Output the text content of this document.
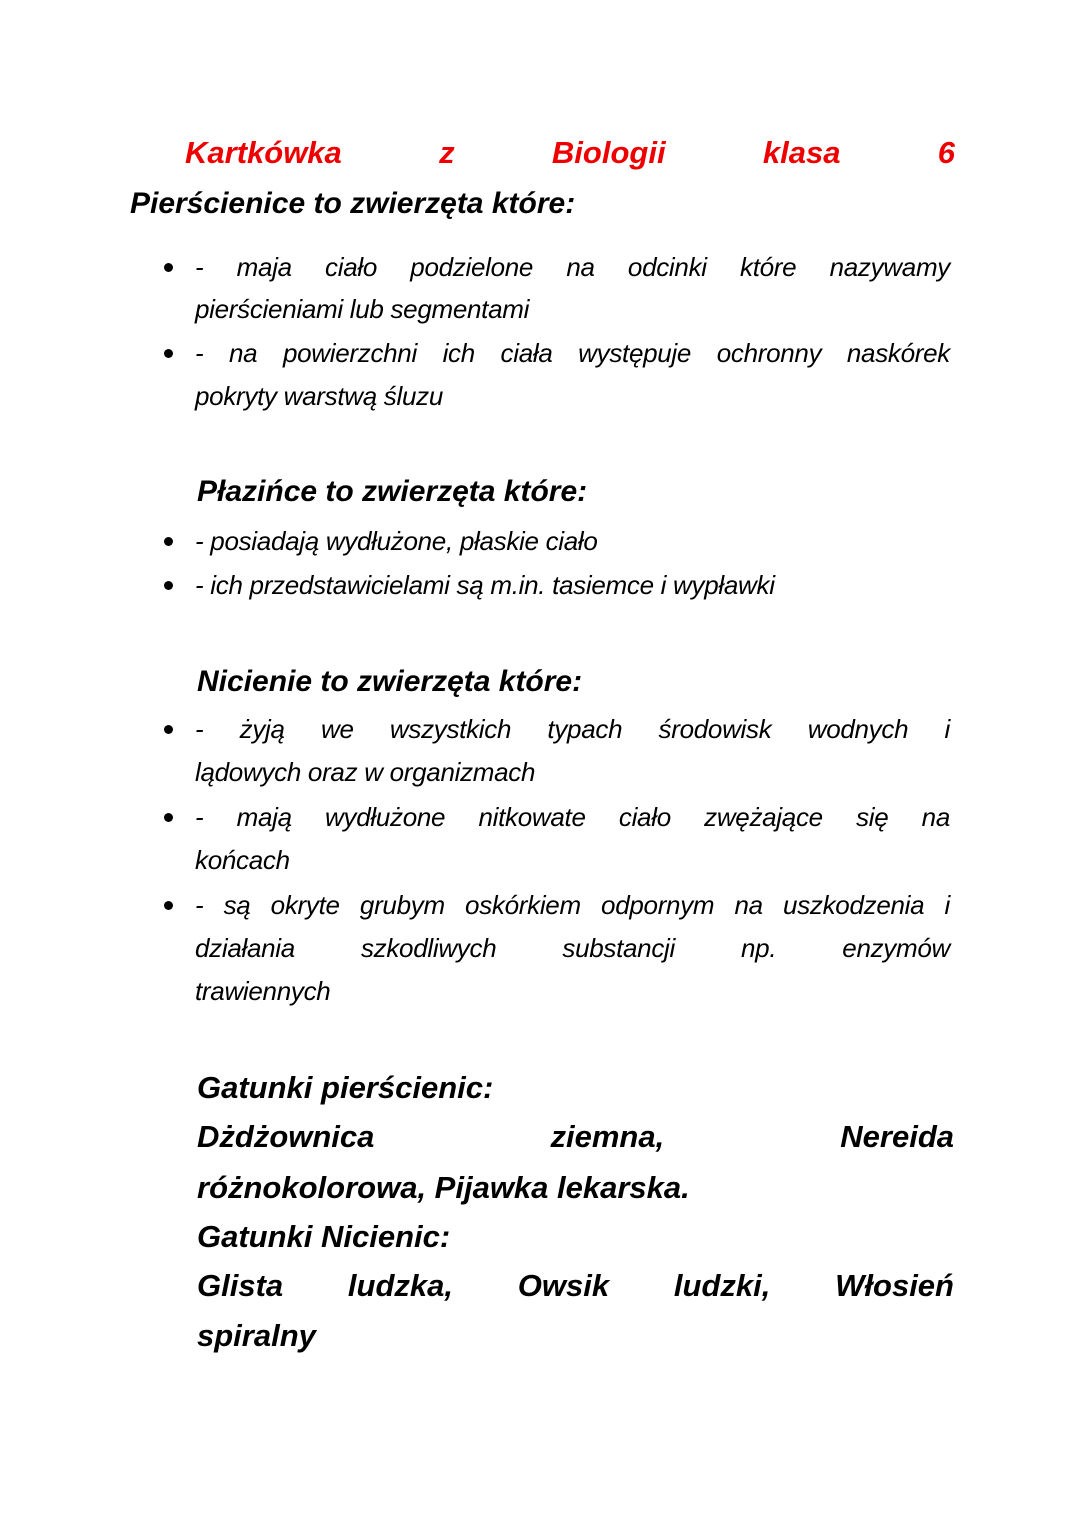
Kartkówka z Biologii klasa 6
Pierścienice to zwierzęta które:
- maja ciało podzielone na odcinki które nazywamy
pierścieniami lub segmentami
- na powierzchni ich ciała występuje ochronny naskórek
pokryty warstwą śluzu
Płazińce to zwierzęta które:
- posiadają wydłużone, płaskie ciało
- ich przedstawicielami są m.in. tasiemce i wypławki
Nicienie to zwierzęta które:
- żyją we wszystkich typach środowisk wodnych i
lądowych oraz w organizmach
- mają wydłużone nitkowate ciało zwężające się na
końcach
- są okryte grubym oskórkiem odpornym na uszkodzenia i
działania szkodliwych substancji np. enzymów
trawiennych
Gatunki pierścienic:
Dżdżownica ziemna, Nereida
różnokolorowa, Pijawka lekarska.
Gatunki Nicienic:
Glista ludzka, Owsik ludzki, Włosień
spiralny
